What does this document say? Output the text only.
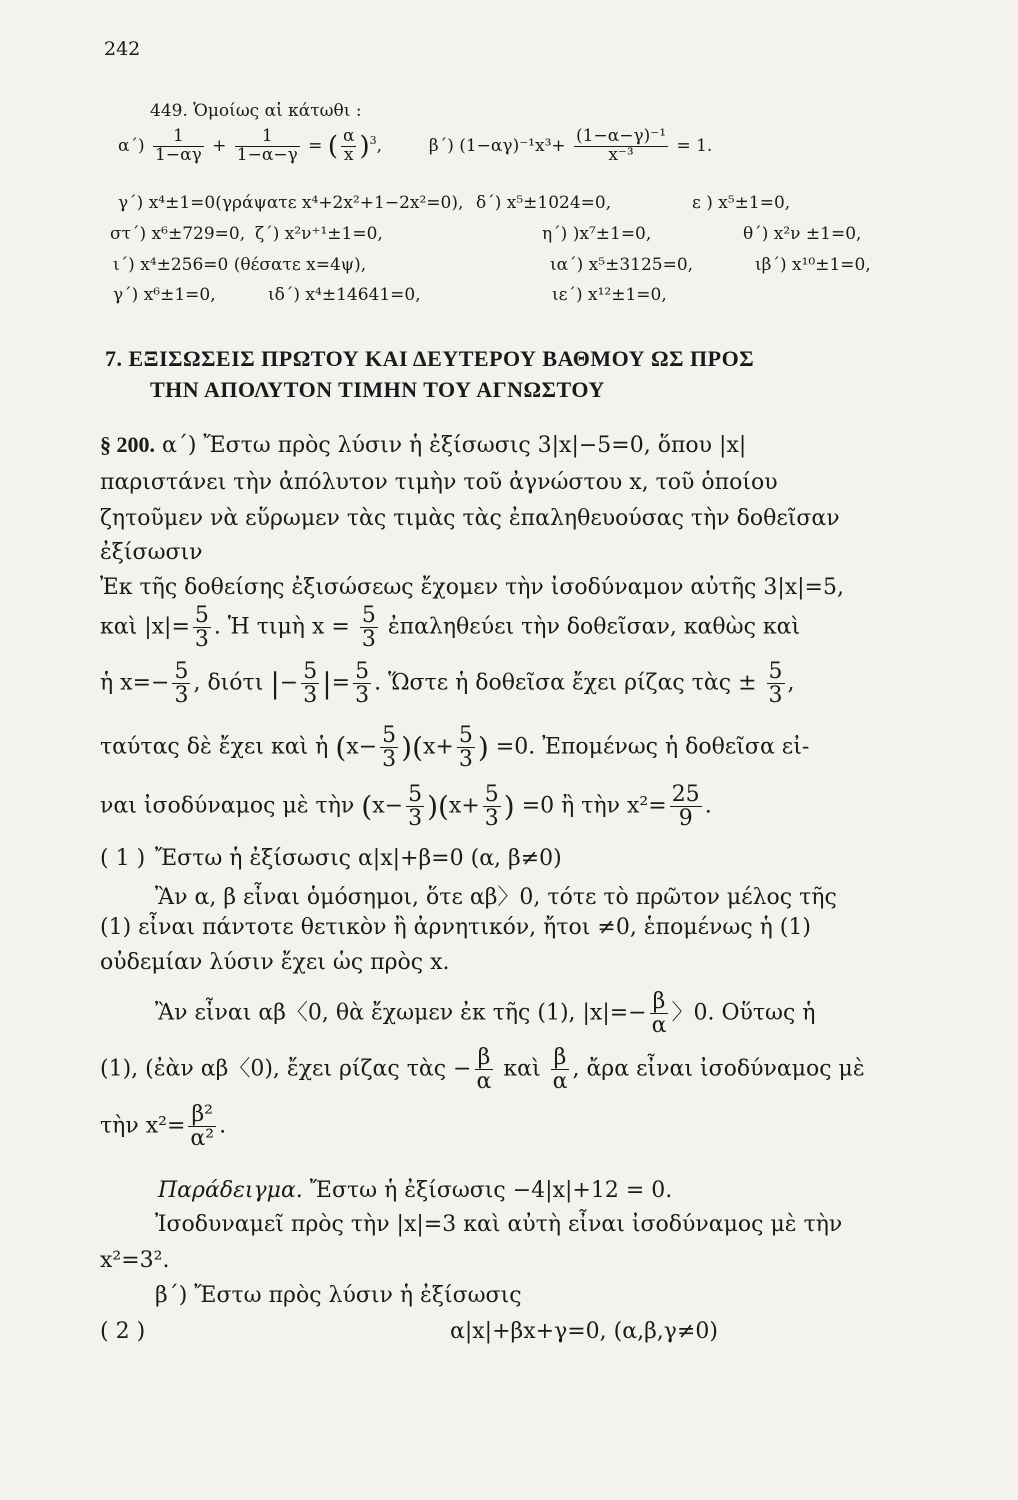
242
449. Ὁμοίως αἱ κάτωθι :
$\alpha΄) \frac{1}{1-\alpha\gamma} + \frac{1}{1-\alpha-\gamma}$ = ( $\frac{\alpha}{x} )^3$,  β΄) $(1-\alpha\gamma)^{-1}x^3+ \frac{\text{(1−α−γ)⁻¹}}{\text{x⁻³}} = 1$.
γ΄) x⁴±1=0(γράψατε x⁴+2x²+1−2x²=0), δ΄) x⁵±1024=0,	ε ) x⁵±1=0,
στ΄) x⁶±729=0, ζ΄) x²ν⁺¹±1=0,	η΄) )x⁷±1=0,	θ΄) x²ν ±1=0,
ι΄) x⁴±256=0 (θέσατε x=4ψ),	ια΄) x⁵±3125=0,	ιβ΄) x¹⁰±1=0,
γ΄) x⁶±1=0,	ιδ΄) x⁴±14641=0,	ιε΄) x¹²±1=0,
7. ΕΞΙΣΩΣΕΙΣ ΠΡΩΤΟΥ ΚΑΙ ΔΕΥΤΕΡΟΥ ΒΑΘΜΟΥ ΩΣ ΠΡΟΣ
ΤΗΝ ΑΠΟΛΥΤΟΝ ΤΙΜΗΝ ΤΟΥ ΑΓΝΩΣΤΟΥ
§ 200. α΄) Ἔστω πρὸς λύσιν ἡ ἐξίσωσις 3|x|−5=0, ὅπου |x|
παριστάνει τὴν ἀπόλυτον τιμὴν τοῦ ἀγνώστου x, τοῦ ὁποίου
ζητοῦμεν νὰ εὕρωμεν τὰς τιμὰς τὰς ἐπαληθευούσας τὴν δοθεῖσαν
ἐξίσωσιν
Ἐκ τῆς δοθείσης ἐξισώσεως ἔχομεν τὴν ἰσοδύναμον αὐτῆς 3|x|=5,
καὶ $|x|= \frac{5}{3}$ . Ἡ τιμὴ $x = \frac{5}{3}$ ἐπαληθεύει τὴν δοθεῖσαν, καθὼς καὶ
ἡ $x=- \frac{5}{3}$ , διότι |− $\frac{5}{3}$ |= $\frac{5}{3}$ . Ὥστε ἡ δοθεῖσα ἔχει ρίζας τὰς ± $\frac{5}{3}$ ,
ταύτας δὲ ἔχει καὶ ἡ $(x- \frac{5}{3} )(x+ \frac{5}{3}$ ) =0. Ἐπομένως ἡ δοθεῖσα εἰ-
ναι ἰσοδύναμος μὲ τὴν $(x- \frac{5}{3} )(x+ \frac{5}{3}$ ) =0 ἢ τὴν $x^2= \frac{25}{9}$ .
Ἔστω ἡ ἐξίσωσις α|x|+β=0 (α, β≠0)
( 1 )
Ἂν α, β εἶναι ὁμόσημοι, ὅτε αβ〉0, τότε τὸ πρῶτον μέλος τῆς
(1) εἶναι πάντοτε θετικὸν ἢ ἀρνητικόν, ἤτοι ≠0, ἑπομένως ἡ (1)
οὐδεμίαν λύσιν ἔχει ὡς πρὸς x.
Ἂν εἶναι αβ〈0, θὰ ἔχωμεν ἐκ τῆς (1), $|x|=- \frac{\beta}{\alpha}$ 〉0. Οὕτως ἡ
(1), (ἐὰν αβ〈0), ἔχει ρίζας τὰς − $\frac{\beta}{\alpha}$ καὶ $\frac{\beta}{\alpha}$ , ἄρα εἶναι ἰσοδύναμος μὲ
τὴν $x^2= \frac{\text{β²}}{\text{α²}}$ .
Παράδειγμα. Ἔστω ἡ ἐξίσωσις −4|x|+12 = 0.
Ἰσοδυναμεῖ πρὸς τὴν |x|=3 καὶ αὐτὴ εἶναι ἰσοδύναμος μὲ τὴν
x²=3².
β΄) Ἔστω πρὸς λύσιν ἡ ἐξίσωσις
α|x|+βx+γ=0, (α,β,γ≠0)
( 2 )
